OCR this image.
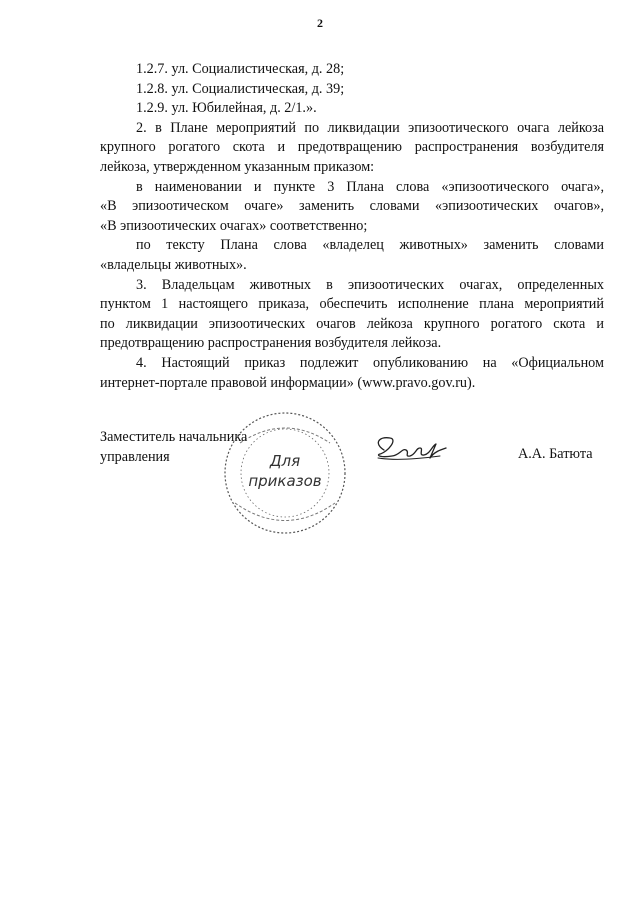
2
1.2.7. ул. Социалистическая, д. 28;
1.2.8. ул. Социалистическая, д. 39;
1.2.9. ул. Юбилейная, д. 2/1.».
2. в Плане мероприятий по ликвидации эпизоотического очага лейкоза
крупного рогатого скота и предотвращению распространения возбудителя
лейкоза, утвержденном указанным приказом:
в наименовании и пункте 3 Плана слова «эпизоотического очага»,
«В эпизоотическом очаге» заменить словами «эпизоотических очагов»,
«В эпизоотических очагах» соответственно;
по тексту Плана слова «владелец животных» заменить словами
«владельцы животных».
3. Владельцам животных в эпизоотических очагах, определенных
пунктом 1 настоящего приказа, обеспечить исполнение плана мероприятий
по ликвидации эпизоотических очагов лейкоза крупного рогатого скота и
предотвращению распространения возбудителя лейкоза.
4. Настоящий приказ подлежит опубликованию на «Официальном
интернет-портале правовой информации» (www.pravo.gov.ru).
Для
приказов
Заместитель начальника
управления	А.А. Батюта
